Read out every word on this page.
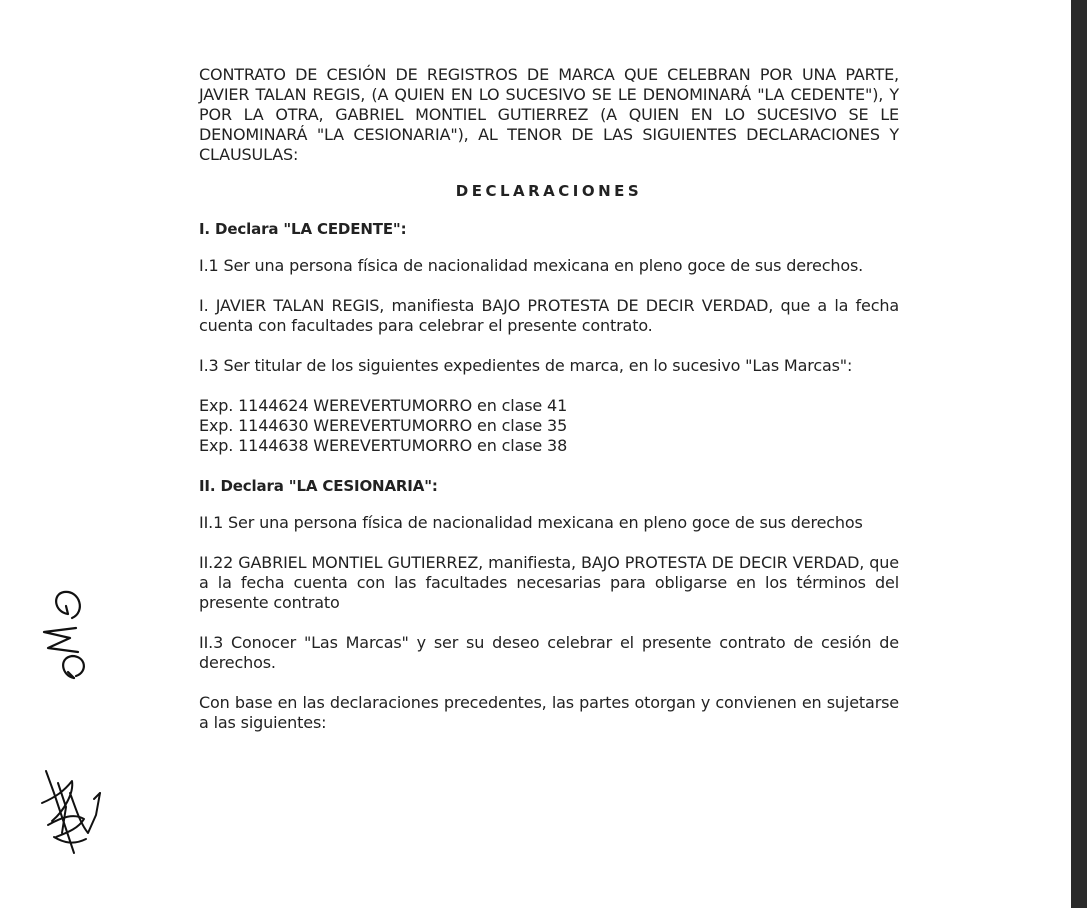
CONTRATO DE CESIÓN DE REGISTROS DE MARCA QUE CELEBRAN POR UNA PARTE, JAVIER TALAN REGIS, (A QUIEN EN LO SUCESIVO SE LE DENOMINARÁ "LA CEDENTE"), Y POR LA OTRA, GABRIEL MONTIEL GUTIERREZ (A QUIEN EN LO SUCESIVO SE LE DENOMINARÁ "LA CESIONARIA"), AL TENOR DE LAS SIGUIENTES DECLARACIONES Y CLAUSULAS:

DECLARACIONES

I. Declara "LA CEDENTE":

I.1 Ser una persona física de nacionalidad mexicana en pleno goce de sus derechos.

I. JAVIER TALAN REGIS, manifiesta BAJO PROTESTA DE DECIR VERDAD, que a la fecha cuenta con facultades para celebrar el presente contrato.

I.3 Ser titular de los siguientes expedientes de marca, en lo sucesivo "Las Marcas":

Exp. 1144624 WEREVERTUMORRO en clase 41
Exp. 1144630 WEREVERTUMORRO en clase 35
Exp. 1144638 WEREVERTUMORRO en clase 38

II. Declara "LA CESIONARIA":

II.1 Ser una persona física de nacionalidad mexicana en pleno goce de sus derechos

II.22 GABRIEL MONTIEL GUTIERREZ, manifiesta, BAJO PROTESTA DE DECIR VERDAD, que a la fecha cuenta con las facultades necesarias para obligarse en los términos del presente contrato

II.3 Conocer "Las Marcas" y ser su deseo celebrar el presente contrato de cesión de derechos.

Con base en las declaraciones precedentes, las partes otorgan y convienen en sujetarse a las siguientes:
